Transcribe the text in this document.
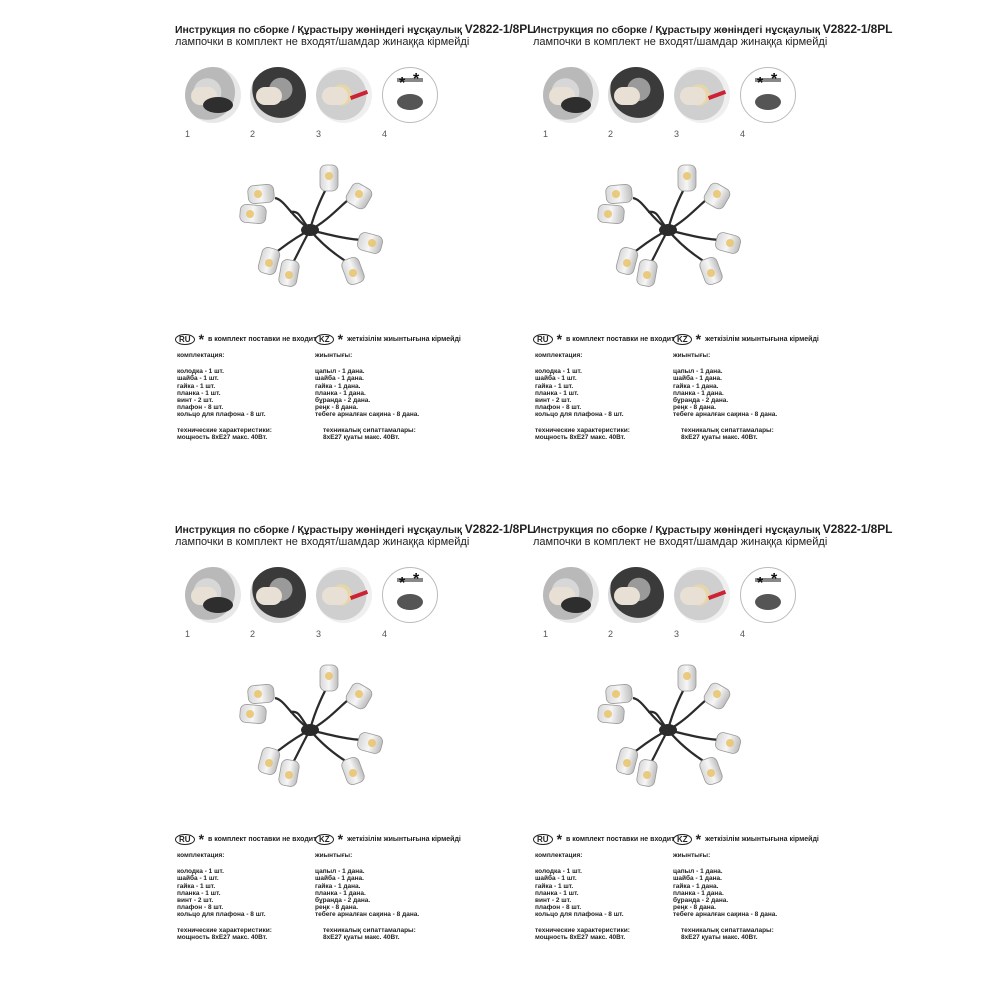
Инструкция по сборке / Құрастыру жөніндегі нұсқаулық V2822-1/8PL
лампочки в комплект не входят/шамдар жинаққа кірмейді
* *
1	2	3	4
RU * в комплект поставки не входит KZ * жеткізілім жиынтығына кірмейді
комплектация:
колодка - 1 шт.
шайба - 1 шт.
гайка - 1 шт.
планка - 1 шт.
винт - 2 шт.
плафон - 8 шт.
кольцо для плафона - 8 шт.
технические характеристики:
мощность 8xE27 макс. 40Вт.
жиынтығы:
цапыл - 1 дана.
шайба - 1 дана.
гайка - 1 дана.
планка - 1 дана.
бұранда - 2 дана.
реңк - 8 дана.
тебеге арналған сақина - 8 дана.
техникалық сипаттамалары:
8xE27 қуаты макс. 40Вт.
Инструкция по сборке / Құрастыру жөніндегі нұсқаулық V2822-1/8PL
лампочки в комплект не входят/шамдар жинаққа кірмейді
* *
1	2	3	4
RU * в комплект поставки не входит KZ * жеткізілім жиынтығына кірмейді
комплектация:
колодка - 1 шт.
шайба - 1 шт.
гайка - 1 шт.
планка - 1 шт.
винт - 2 шт.
плафон - 8 шт.
кольцо для плафона - 8 шт.
технические характеристики:
мощность 8xE27 макс. 40Вт.
жиынтығы:
цапыл - 1 дана.
шайба - 1 дана.
гайка - 1 дана.
планка - 1 дана.
бұранда - 2 дана.
реңк - 8 дана.
тебеге арналған сақина - 8 дана.
техникалық сипаттамалары:
8xE27 қуаты макс. 40Вт.
Инструкция по сборке / Құрастыру жөніндегі нұсқаулық V2822-1/8PL
лампочки в комплект не входят/шамдар жинаққа кірмейді
* *
1	2	3	4
RU * в комплект поставки не входит KZ * жеткізілім жиынтығына кірмейді
комплектация:
колодка - 1 шт.
шайба - 1 шт.
гайка - 1 шт.
планка - 1 шт.
винт - 2 шт.
плафон - 8 шт.
кольцо для плафона - 8 шт.
технические характеристики:
мощность 8xE27 макс. 40Вт.
жиынтығы:
цапыл - 1 дана.
шайба - 1 дана.
гайка - 1 дана.
планка - 1 дана.
бұранда - 2 дана.
реңк - 8 дана.
тебеге арналған сақина - 8 дана.
техникалық сипаттамалары:
8xE27 қуаты макс. 40Вт.
Инструкция по сборке / Құрастыру жөніндегі нұсқаулық V2822-1/8PL
лампочки в комплект не входят/шамдар жинаққа кірмейді
* *
1	2	3	4
RU * в комплект поставки не входит KZ * жеткізілім жиынтығына кірмейді
комплектация:
колодка - 1 шт.
шайба - 1 шт.
гайка - 1 шт.
планка - 1 шт.
винт - 2 шт.
плафон - 8 шт.
кольцо для плафона - 8 шт.
технические характеристики:
мощность 8xE27 макс. 40Вт.
жиынтығы:
цапыл - 1 дана.
шайба - 1 дана.
гайка - 1 дана.
планка - 1 дана.
бұранда - 2 дана.
реңк - 8 дана.
тебеге арналған сақина - 8 дана.
техникалық сипаттамалары:
8xE27 қуаты макс. 40Вт.
